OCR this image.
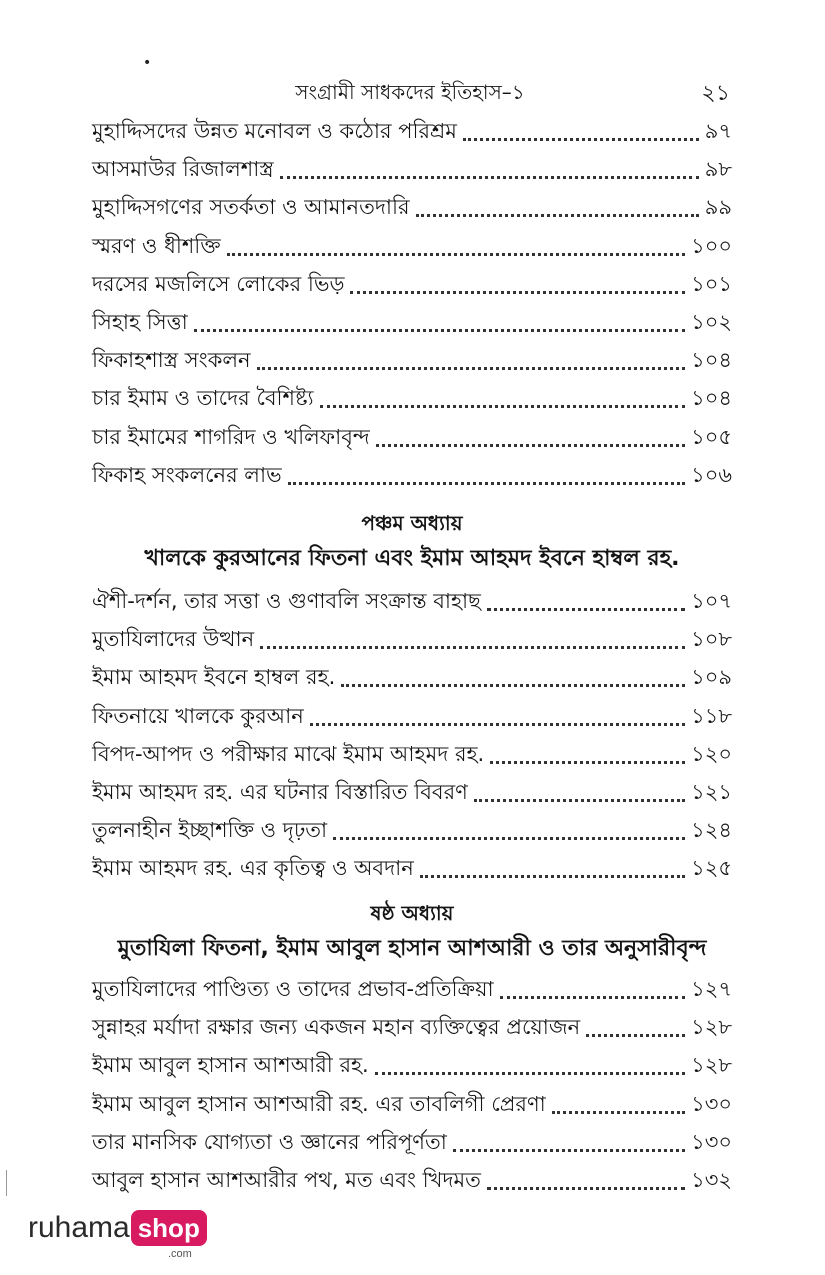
•
সংগ্রামী সাধকদের ইতিহাস–১	২১
মুহাদ্দিসদের উন্নত মনোবল ও কঠোর পরিশ্রম	৯৭
আসমাউর রিজালশাস্ত্র	৯৮
মুহাদ্দিসগণের সতর্কতা ও আমানতদারি	৯৯
স্মরণ ও ধীশক্তি	১০০
দরসের মজলিসে লোকের ভিড়	১০১
সিহাহ সিত্তা	১০২
ফিকাহশাস্ত্র সংকলন	১০৪
চার ইমাম ও তাদের বৈশিষ্ট্য	১০৪
চার ইমামের শাগরিদ ও খলিফাবৃন্দ	১০৫
ফিকাহ সংকলনের লাভ	১০৬
পঞ্চম অধ্যায়
খালকে কুরআনের ফিতনা এবং ইমাম আহমদ ইবনে হাম্বল রহ.
ঐশী-দর্শন, তার সত্তা ও গুণাবলি সংক্রান্ত বাহাছ	১০৭
মুতাযিলাদের উত্থান	১০৮
ইমাম আহমদ ইবনে হাম্বল রহ.	১০৯
ফিতনায়ে খালকে কুরআন	১১৮
বিপদ-আপদ ও পরীক্ষার মাঝে ইমাম আহমদ রহ.	১২০
ইমাম আহমদ রহ. এর ঘটনার বিস্তারিত বিবরণ	১২১
তুলনাহীন ইচ্ছাশক্তি ও দৃঢ়তা	১২৪
ইমাম আহমদ রহ. এর কৃতিত্ব ও অবদান	১২৫
ষষ্ঠ অধ্যায়
মুতাযিলা ফিতনা, ইমাম আবুল হাসান আশআরী ও তার অনুসারীবৃন্দ
মুতাযিলাদের পাণ্ডিত্য ও তাদের প্রভাব-প্রতিক্রিয়া	১২৭
সুন্নাহর মর্যাদা রক্ষার জন্য একজন মহান ব্যক্তিত্বের প্রয়োজন	১২৮
ইমাম আবুল হাসান আশআরী রহ.	১২৮
ইমাম আবুল হাসান আশআরী রহ. এর তাবলিগী প্রেরণা	১৩০
তার মানসিক যোগ্যতা ও জ্ঞানের পরিপূর্ণতা	১৩০
আবুল হাসান আশআরীর পথ, মত এবং খিদমত	১৩২
ruhama shop
.com
